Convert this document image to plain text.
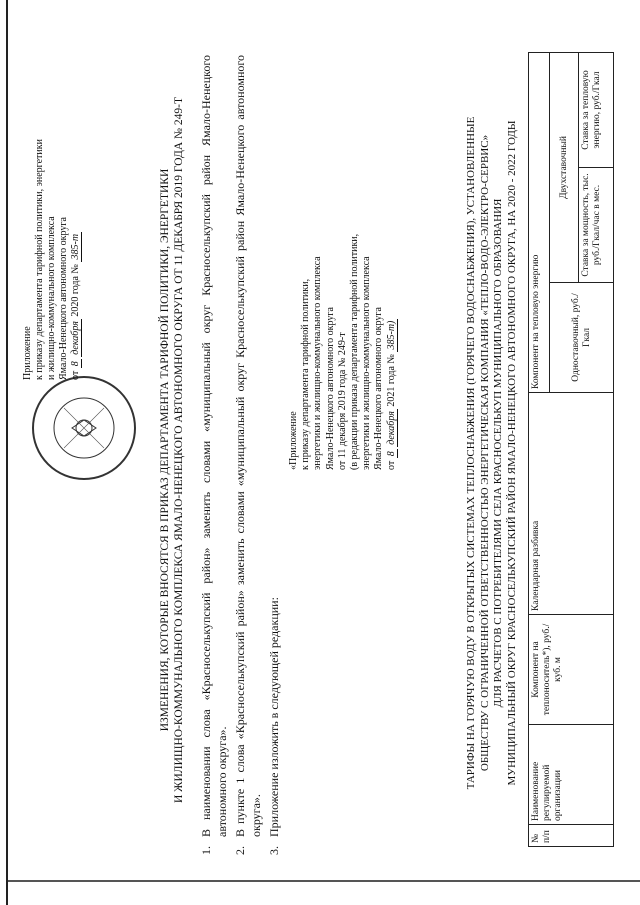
Приложение к приказу департамента тарифной политики, энергетики и жилищно-коммунального комплекса Ямало-Ненецкого автономного округа от 8 декабря 2020 года № 385-т	ИЗМЕНЕНИЯ, КОТОРЫЕ ВНОСЯТСЯ В ПРИКАЗ ДЕПАРТАМЕНТА ТАРИФНОЙ ПОЛИТИКИ, ЭНЕРГЕТИКИ И ЖИЛИЩНО-КОММУНАЛЬНОГО КОМПЛЕКСА ЯМАЛО-НЕНЕЦКОГО АВТОНОМНОГО ОКРУГА ОТ 11 ДЕКАБРЯ 2019 ГОДА № 249-Т
1.
В наименовании слова «Красноселькупский район» заменить словами «муниципальный округ Красноселькупский район Ямало-Ненецкого автономного округа».
2.
В пункте 1 слова «Красноселькупский район» заменить словами «муниципальный округ Красноселькупский район Ямало-Ненецкого автономного округа».
3.
Приложение изложить в следующей редакции:
«Приложение к приказу департамента тарифной политики, энергетики и жилищно-коммунального комплекса Ямало-Ненецкого автономного округа от 11 декабря 2019 года № 249-т (в редакции приказа департамента тарифной политики, энергетики и жилищно-коммунального комплекса Ямало-Ненецкого автономного округа от 8 декабря 2021 года № 385-т)	ТАРИФЫ НА ГОРЯЧУЮ ВОДУ В ОТКРЫТЫХ СИСТЕМАХ ТЕПЛОСНАБЖЕНИЯ (ГОРЯЧЕГО ВОДОСНАБЖЕНИЯ), УСТАНОВЛЕННЫЕ ОБЩЕСТВУ С ОГРАНИЧЕННОЙ ОТВЕТСТВЕННОСТЬЮ ЭНЕРГЕТИЧЕСКАЯ КОМПАНИЯ «ТЕПЛО-ВОДО-ЭЛЕКТРО-СЕРВИС» ДЛЯ РАСЧЕТОВ С ПОТРЕБИТЕЛЯМИ СЕЛА КРАСНОСЕЛЬКУП МУНИЦИПАЛЬНОГО ОБРАЗОВАНИЯ МУНИЦИПАЛЬНЫЙ ОКРУГ КРАСНОСЕЛЬКУПСКИЙ РАЙОН ЯМАЛО-НЕНЕЦКОГО АВТОНОМНОГО ОКРУГА, НА 2020 - 2022 ГОДЫ
№ п/п	Наименование регулируемой организации	Компонент на теплоноситель*), руб./куб. м	Календарная разбивка	Компонент на тепловую энергию		
				Одноставочный, руб./Гкал	Двухставочный	
					Ставка за мощность, тыс. руб./Гкал/час в мес.	Ставка за тепловую энергию, руб./Гкал
